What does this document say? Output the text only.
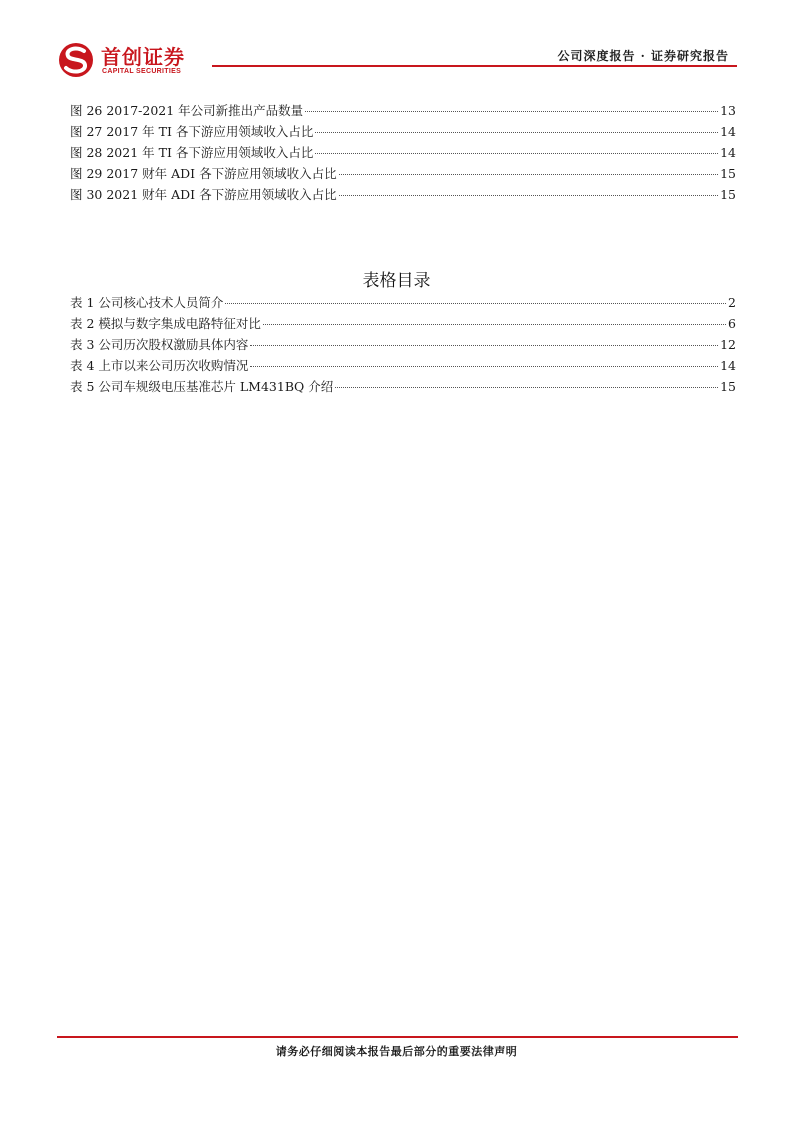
首创证券
CAPITAL SECURITIES
公司深度报告 · 证券研究报告
图 26 2017-2021 年公司新推出产品数量	13
图 27 2017 年 TI 各下游应用领域收入占比	14
图 28 2021 年 TI 各下游应用领域收入占比	14
图 29 2017 财年 ADI 各下游应用领域收入占比	15
图 30 2021 财年 ADI 各下游应用领域收入占比	15
表格目录
表 1 公司核心技术人员简介	2
表 2 模拟与数字集成电路特征对比	6
表 3 公司历次股权激励具体内容	12
表 4 上市以来公司历次收购情况	14
表 5 公司车规级电压基准芯片 LM431BQ 介绍	15
请务必仔细阅读本报告最后部分的重要法律声明
